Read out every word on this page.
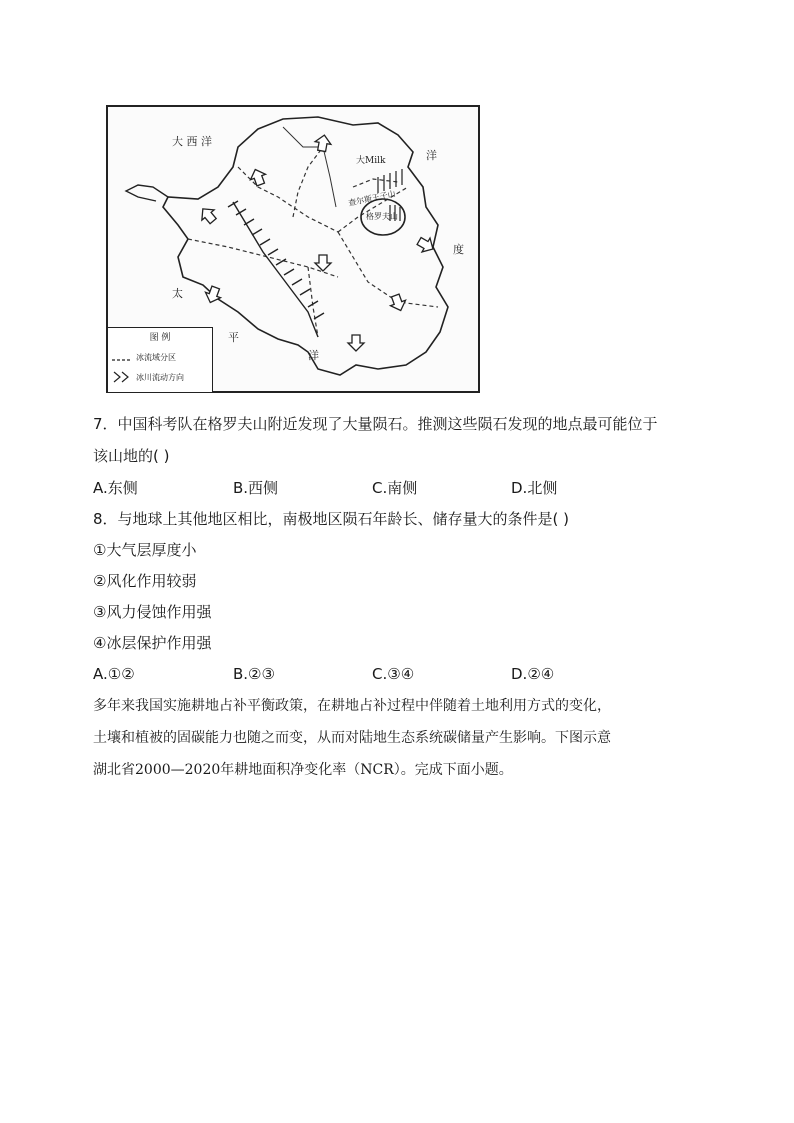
大 西 洋
洋
度
太
平
洋
大Milk
查尔斯王子山
格罗夫山
图 例
冰流域分区
冰川流动方向
7．中国科考队在格罗夫山附近发现了大量陨石。推测这些陨石发现的地点最可能位于
该山地的( )
A.东侧	B.西侧	C.南侧	D.北侧
8．与地球上其他地区相比，南极地区陨石年龄长、储存量大的条件是( )
①大气层厚度小
②风化作用较弱
③风力侵蚀作用强
④冰层保护作用强
A.①②	B.②③	C.③④	D.②④
多年来我国实施耕地占补平衡政策，在耕地占补过程中伴随着土地利用方式的变化，
土壤和植被的固碳能力也随之而变，从而对陆地生态系统碳储量产生影响。下图示意
湖北省2000—2020年耕地面积净变化率（NCR）。完成下面小题。
